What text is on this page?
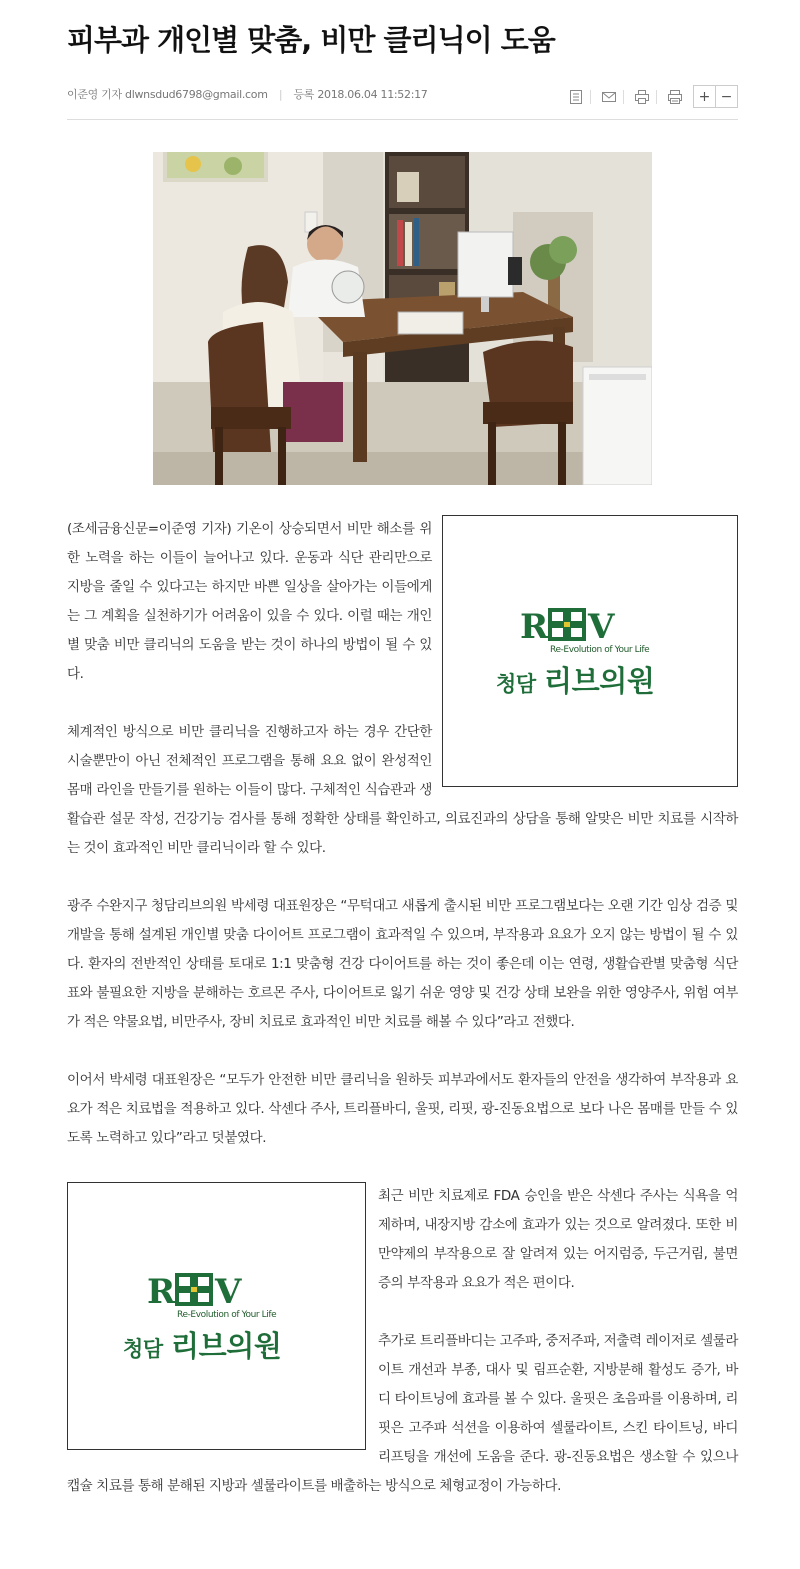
피부과 개인별 맞춤, 비만 클리닉이 도움
이준영 기자 dlwnsdud6798@gmail.com | 등록 2018.06.04 11:52:17	+ −
R V
Re-Evolution of Your Life
청담 리브의원

(조세금융신문=이준영 기자) 기온이 상승되면서 비만 해소를 위한 노력을 하는 이들이 늘어나고 있다. 운동과 식단 관리만으로 지방을 줄일 수 있다고는 하지만 바쁜 일상을 살아가는 이들에게는 그 계획을 실천하기가 어려움이 있을 수 있다. 이럴 때는 개인별 맞춤 비만 클리닉의 도움을 받는 것이 하나의 방법이 될 수 있다.

체계적인 방식으로 비만 클리닉을 진행하고자 하는 경우 간단한 시술뿐만이 아닌 전체적인 프로그램을 통해 요요 없이 완성적인 몸매 라인을 만들기를 원하는 이들이 많다. 구체적인 식습관과 생활습관 설문 작성, 건강기능 검사를 통해 정확한 상태를 확인하고, 의료진과의 상담을 통해 알맞은 비만 치료를 시작하는 것이 효과적인 비만 클리닉이라 할 수 있다.

광주 수완지구 청담리브의원 박세령 대표원장은 “무턱대고 새롭게 출시된 비만 프로그램보다는 오랜 기간 임상 검증 및 개발을 통해 설계된 개인별 맞춤 다이어트 프로그램이 효과적일 수 있으며, 부작용과 요요가 오지 않는 방법이 될 수 있다. 환자의 전반적인 상태를 토대로 1:1 맞춤형 건강 다이어트를 하는 것이 좋은데 이는 연령, 생활습관별 맞춤형 식단표와 불필요한 지방을 분해하는 호르몬 주사, 다이어트로 잃기 쉬운 영양 및 건강 상태 보완을 위한 영양주사, 위험 여부가 적은 약물요법, 비만주사, 장비 치료로 효과적인 비만 치료를 해볼 수 있다”라고 전했다.

이어서 박세령 대표원장은 “모두가 안전한 비만 클리닉을 원하듯 피부과에서도 환자들의 안전을 생각하여 부작용과 요요가 적은 치료법을 적용하고 있다. 삭센다 주사, 트리플바디, 울핏, 리핏, 광-진동요법으로 보다 나은 몸매를 만들 수 있도록 노력하고 있다”라고 덧붙였다.

R V
Re-Evolution of Your Life
청담 리브의원

최근 비만 치료제로 FDA 승인을 받은 삭센다 주사는 식욕을 억제하며, 내장지방 감소에 효과가 있는 것으로 알려졌다. 또한 비만약제의 부작용으로 잘 알려져 있는 어지럼증, 두근거림, 불면증의 부작용과 요요가 적은 편이다.

추가로 트리플바디는 고주파, 중저주파, 저출력 레이저로 셀룰라이트 개선과 부종, 대사 및 림프순환, 지방분해 활성도 증가, 바디 타이트닝에 효과를 볼 수 있다. 울핏은 초음파를 이용하며, 리핏은 고주파 석션을 이용하여 셀룰라이트, 스킨 타이트닝, 바디 리프팅을 개선에 도움을 준다. 광-진동요법은 생소할 수 있으나 캡슐 치료를 통해 분해된 지방과 셀룰라이트를 배출하는 방식으로 체형교정이 가능하다.
